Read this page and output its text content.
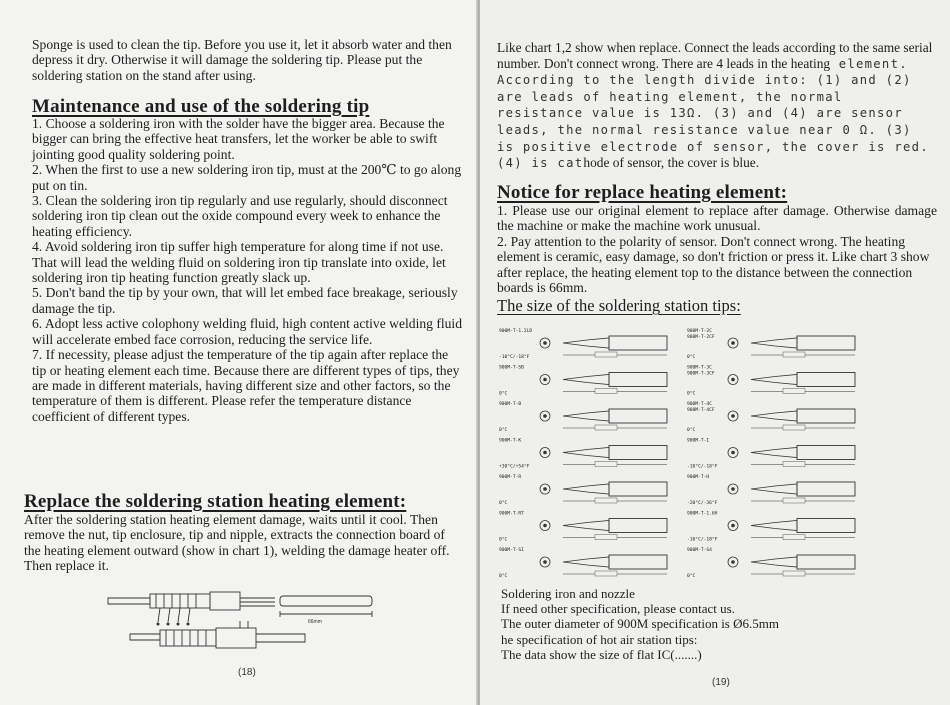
Sponge is used to clean the tip. Before you use it, let it absorb water and then depress it dry. Otherwise it will damage the soldering tip. Please put the soldering station on the stand after using.

Maintenance and use of the soldering tip

1. Choose a soldering iron with the solder have the bigger area. Because the bigger can bring the effective heat transfers, let the worker be able to swift jointing good quality soldering point.

2. When the first to use a new soldering iron tip, must at the 200℃ to go along put on tin.

3. Clean the soldering iron tip regularly and use regularly, should disconnect soldering iron tip clean out the oxide compound every week to enhance the heating efficiency.

4. Avoid soldering iron tip suffer high temperature for along time if not use. That will lead the welding fluid on soldering iron tip translate into oxide, let soldering iron tip heating function greatly slack up.

5. Don't band the tip by your own, that will let embed face breakage, seriously damage the tip.

6. Adopt less active colophony welding fluid, high content active welding fluid will accelerate embed face corrosion, reducing the service life.

7. If necessity, please adjust the temperature of the tip again after replace the tip or heating element each time. Because there are different types of tips, they are made in different materials, having different size and other factors, so the temperature of them is different. Please refer the temperature distance coefficient of different types.

Replace the soldering station heating element:

After the soldering station heating element damage, waits until it cool. Then remove the nut, tip enclosure, tip and nipple, extracts the connection board of the heating element outward (show in chart 1), welding the damage heater off. Then replace it.

66mm
(18)

Like chart 1,2 show when replace. Connect the leads according to the same serial number. Don't connect wrong. There are 4 leads in the heating element. According to the length divide into: (1) and (2) are leads of heating element, the normal resistance value is 13Ω. (3) and (4) are sensor leads, the normal resistance value near 0 Ω. (3) is positive electrode of sensor, the cover is red. (4) is cathode of sensor, the cover is blue.

Notice for replace heating element:

1. Please use our original element to replace after damage. Otherwise damage the machine or make the machine work unusual.

2. Pay attention to the polarity of sensor. Don't connect wrong. The heating element is ceramic, easy damage, so don't friction or press it. Like chart 3 show after replace, the heating element top to the distance between the connection boards is 66mm.

The size of the soldering station tips:
900M-T-1.2LD
-10°C/-18°F
900M-T-SB
0°C
900M-T-B
0°C
900M-T-K
+30°C/+54°F
900M-T-R
0°C
900M-T-RT
0°C
900M-T-SI
0°C
900M-T-2C
900M-T-2CF
0°C
900M-T-3C
900M-T-3CF
0°C
900M-T-4C
900M-T-4CF
0°C
900M-T-I
-10°C/-18°F
900M-T-H
-20°C/-36°F
900M-T-1.6H
-10°C/-18°F
900M-T-S4
0°C

Soldering iron and nozzle

If need other specification, please contact us.

The outer diameter of 900M specification is Ø6.5mm

he specification of hot air station tips:

The data show the size of flat IC(.......)

(19)
